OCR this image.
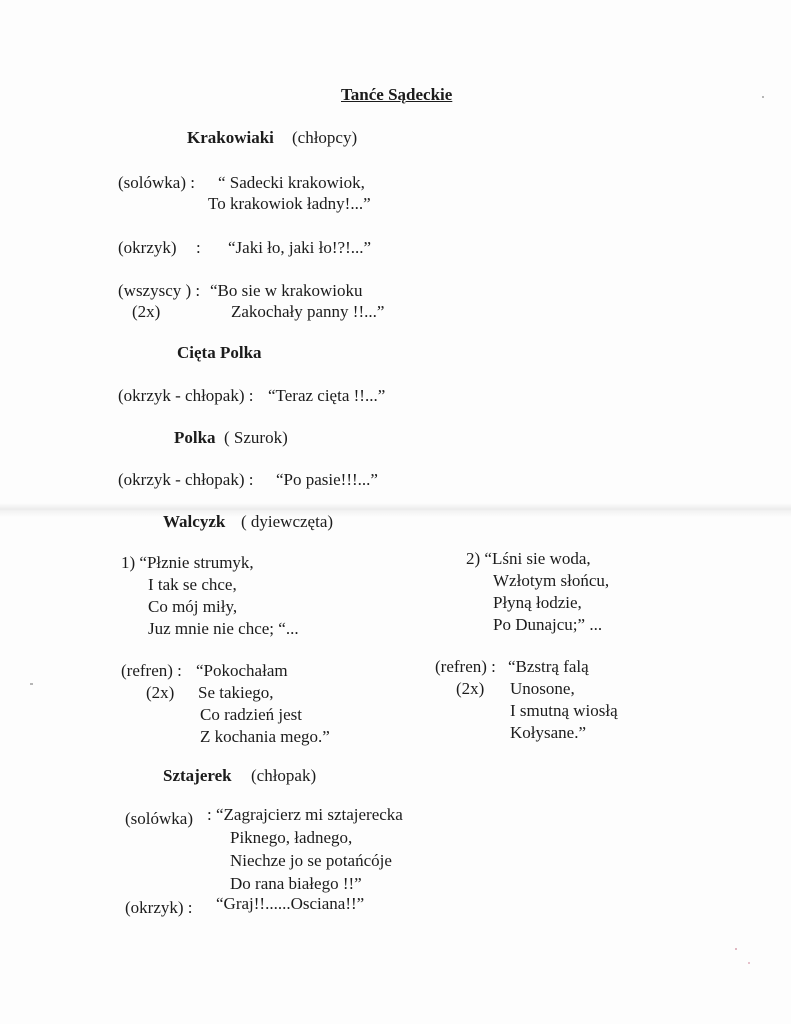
Tanće Sądeckie
Krakowiaki (chłopcy)
(solówka) : “ Sadecki krakowiok,
To krakowiok ładny!...”
(okrzyk) : “Jaki ło, jaki ło!?!...”
(wszyscy ) : “Bo sie w krakowioku
(2x)	Zakochały panny !!...”
Cięta Polka
(okrzyk - chłopak) : “Teraz cięta !!...”
Polka ( Szurok)
(okrzyk - chłopak) : “Po pasie!!!...”
Walcyzk ( dyiewczęta)
1) “Płznie strumyk,
I tak se chce,
Co mój miły,
Juz mnie nie chce; “...
2) “Lśni sie woda,
Wzłotym słońcu,
Płyną łodzie,
Po Dunajcu;” ...
(refren) : “Pokochałam
(2x) Se takiego,
Co radzień jest
Z kochania mego.”
(refren) : “Bzstrą falą
(2x) Unosone,
I smutną wiosłą
Kołysane.”
Sztajerek (chłopak)
(solówka) : “Zagrajcierz mi sztajerecka
Piknego, ładnego,
Niechze jo se potańcóje
Do rana białego !!”
(okrzyk) : “Graj!!......Osciana!!”
